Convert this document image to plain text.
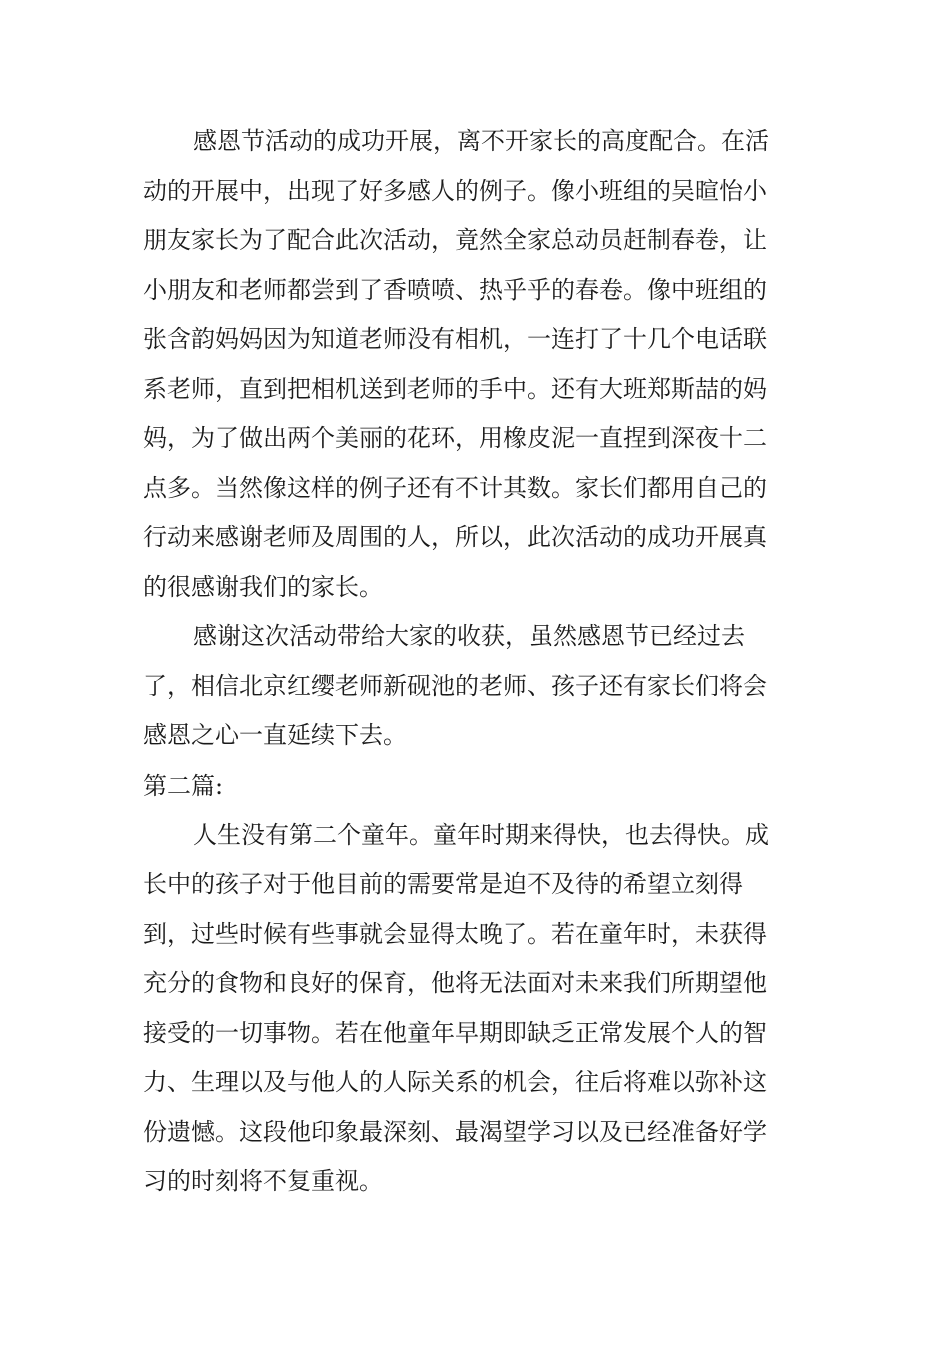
感恩节活动的成功开展，离不开家长的高度配合。在活
动的开展中，出现了好多感人的例子。像小班组的吴暄怡小
朋友家长为了配合此次活动，竟然全家总动员赶制春卷，让
小朋友和老师都尝到了香喷喷、热乎乎的春卷。像中班组的
张含韵妈妈因为知道老师没有相机，一连打了十几个电话联
系老师，直到把相机送到老师的手中。还有大班郑斯喆的妈
妈，为了做出两个美丽的花环，用橡皮泥一直捏到深夜十二
点多。当然像这样的例子还有不计其数。家长们都用自己的
行动来感谢老师及周围的人，所以，此次活动的成功开展真
的很感谢我们的家长。
感谢这次活动带给大家的收获，虽然感恩节已经过去
了，相信北京红缨老师新砚池的老师、孩子还有家长们将会
感恩之心一直延续下去。
第二篇:
人生没有第二个童年。童年时期来得快，也去得快。成
长中的孩子对于他目前的需要常是迫不及待的希望立刻得
到，过些时候有些事就会显得太晚了。若在童年时，未获得
充分的食物和良好的保育，他将无法面对未来我们所期望他
接受的一切事物。若在他童年早期即缺乏正常发展个人的智
力、生理以及与他人的人际关系的机会，往后将难以弥补这
份遗憾。这段他印象最深刻、最渴望学习以及已经准备好学
习的时刻将不复重视。
